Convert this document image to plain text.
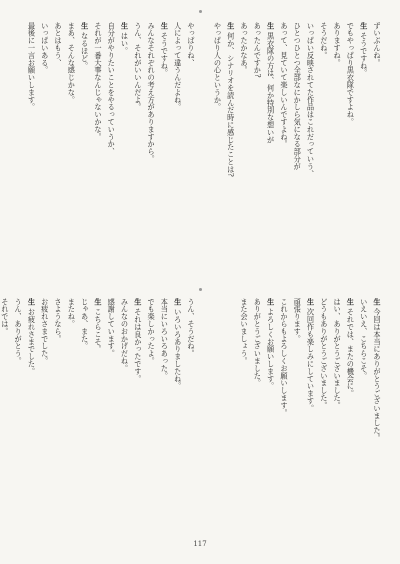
ずいぶんね。
生そうですね。
でもやっぱり黒衣隊ですよね。
ありますね。
そうだね。
いっぱい反映されてた作品はこれだっていう、
ひとつひとつ全部なにかしら気になる部分が
あって、見ていて楽しいんですよね。
生黒衣隊の方は、何か特別な想いが
あったんですか?
あったかなあ。
生何か、シナリオを読んだ時に感じたことは?
やっぱり人の心というか。
やっぱりね、
人によって違うんだよね。
生そうですね。
みんなそれぞれの考え方がありますから。
うん、それがいいんだよ。
生はい。
自分がやりたいことをやるっていうか、
それが一番大事なんじゃないかな。
生なるほど。
まあ、そんな感じかな。
あとはもう、
いっぱいある。
最後に一言お願いします。
生今回は本当にありがとうございました。
いえいえ、こちらこそ。
生それでは、またの機会に。
はい、ありがとうございました。
どうもありがとうございました。
生次回作も楽しみにしています。
頑張ります。
これからもよろしくお願いします。
生よろしくお願いします。
ありがとうございました。
また会いましょう。
うん、そうだね。
生いろいろありましたね。
本当にいろいろあった。
でも楽しかったよ。
生それは良かったです。
みんなのおかげだね。
感謝しています。
生こちらこそ。
じゃあ、また。
またね。
さようなら。
お疲れさまでした。
生お疲れさまでした。
うん、ありがとう。
それでは。
117
